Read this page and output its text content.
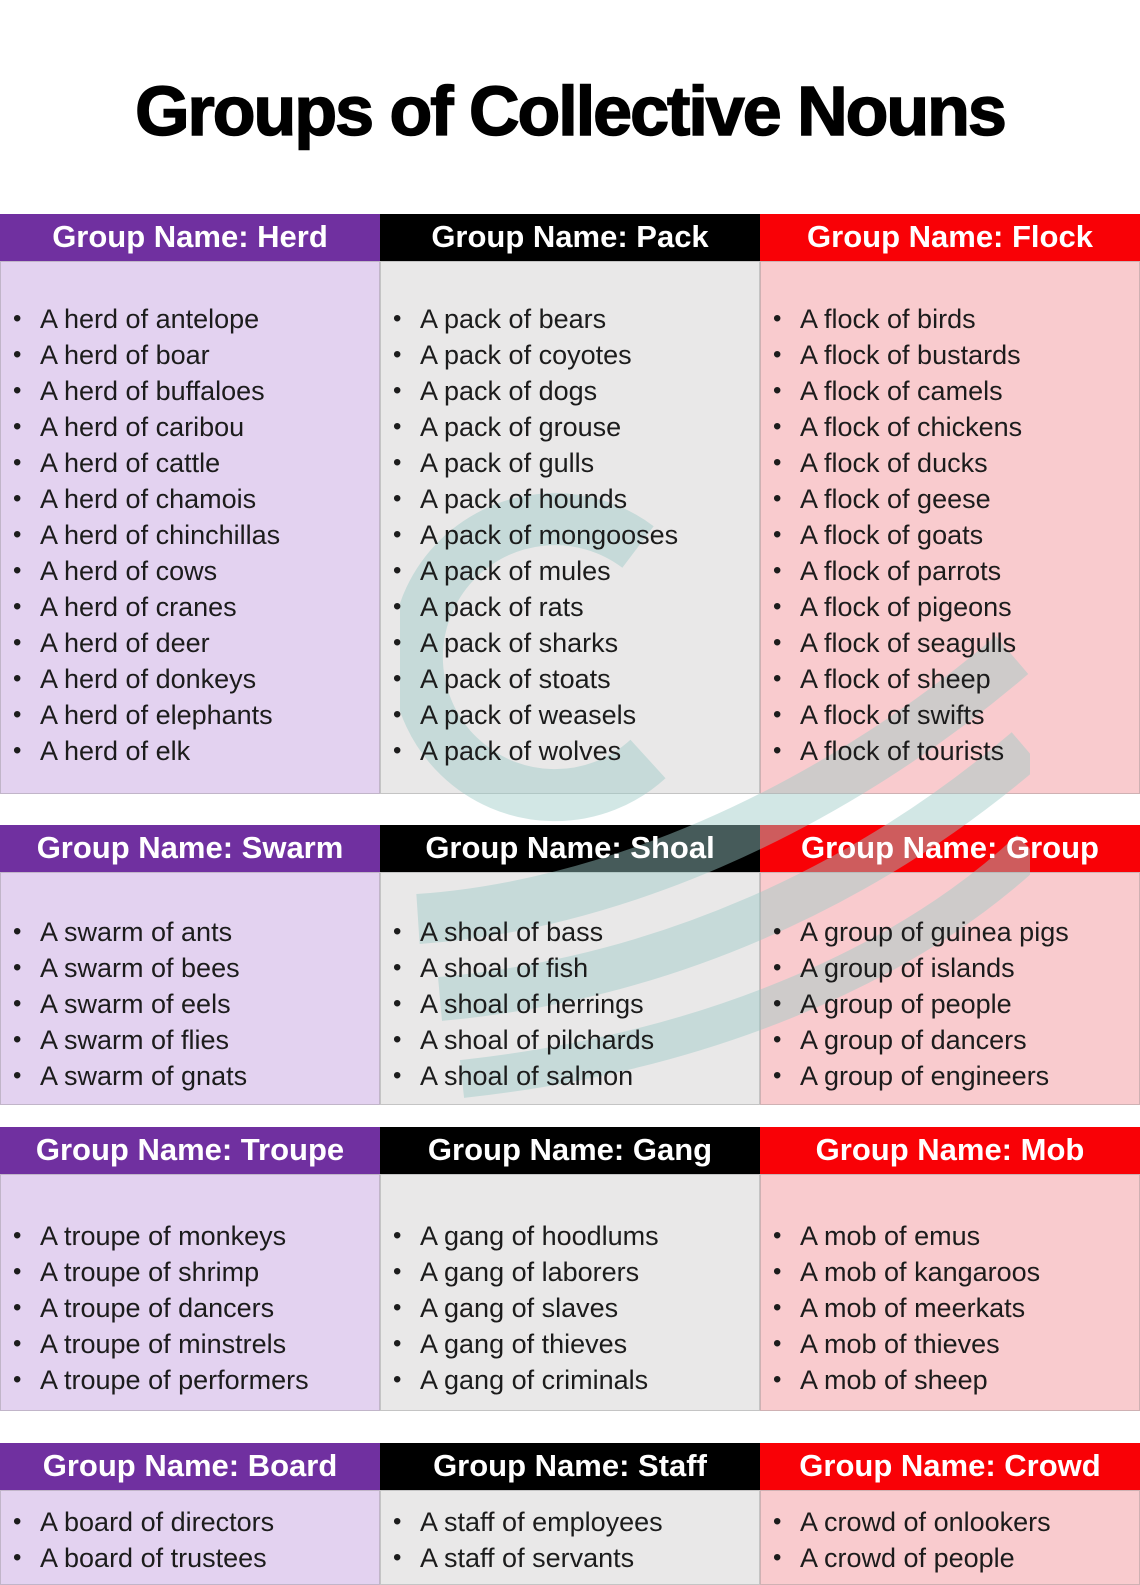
Groups of Collective Nouns
Group Name: Herd
• A herd of antelope
• A herd of boar
• A herd of buffaloes
• A herd of caribou
• A herd of cattle
• A herd of chamois
• A herd of chinchillas
• A herd of cows
• A herd of cranes
• A herd of deer
• A herd of donkeys
• A herd of elephants
• A herd of elk
Group Name: Pack
• A pack of bears
• A pack of coyotes
• A pack of dogs
• A pack of grouse
• A pack of gulls
• A pack of hounds
• A pack of mongooses
• A pack of mules
• A pack of rats
• A pack of sharks
• A pack of stoats
• A pack of weasels
• A pack of wolves
Group Name: Flock
• A flock of birds
• A flock of bustards
• A flock of camels
• A flock of chickens
• A flock of ducks
• A flock of geese
• A flock of goats
• A flock of parrots
• A flock of pigeons
• A flock of seagulls
• A flock of sheep
• A flock of swifts
• A flock of tourists
Group Name: Swarm
• A swarm of ants
• A swarm of bees
• A swarm of eels
• A swarm of flies
• A swarm of gnats
Group Name: Shoal
• A shoal of bass
• A shoal of fish
• A shoal of herrings
• A shoal of pilchards
• A shoal of salmon
Group Name: Group
• A group of guinea pigs
• A group of islands
• A group of people
• A group of dancers
• A group of engineers
Group Name: Troupe
• A troupe of monkeys
• A troupe of shrimp
• A troupe of dancers
• A troupe of minstrels
• A troupe of performers
Group Name: Gang
• A gang of hoodlums
• A gang of laborers
• A gang of slaves
• A gang of thieves
• A gang of criminals
Group Name: Mob
• A mob of emus
• A mob of kangaroos
• A mob of meerkats
• A mob of thieves
• A mob of sheep
Group Name: Board
• A board of directors
• A board of trustees
Group Name: Staff
• A staff of employees
• A staff of servants
Group Name: Crowd
• A crowd of onlookers
• A crowd of people
